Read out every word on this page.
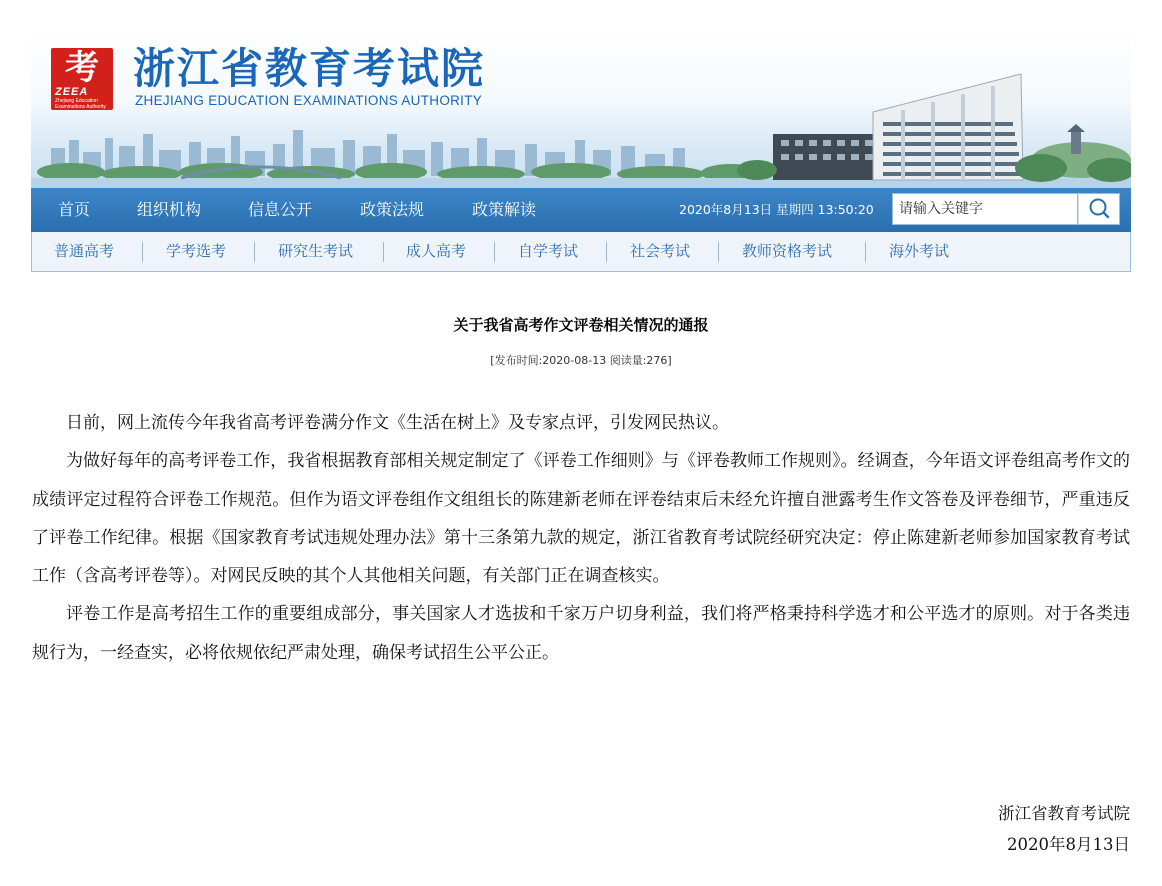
考
ZEEA
Zhejiang Education Examinations Authority
浙江省教育考试院
ZHEJIANG EDUCATION EXAMINATIONS AUTHORITY
首页	组织机构	信息公开	政策法规	政策解读	2020年8月13日 星期四 13:50:20
请输入关键字
普通高考	学考选考	研究生考试	成人高考	自学考试	社会考试	教师资格考试	海外考试
关于我省高考作文评卷相关情况的通报
[发布时间:2020-08-13 阅读量:276]

日前，网上流传今年我省高考评卷满分作文《生活在树上》及专家点评，引发网民热议。

为做好每年的高考评卷工作，我省根据教育部相关规定制定了《评卷工作细则》与《评卷教师工作规则》。经调查，今年语文评卷组高考作文的成绩评定过程符合评卷工作规范。但作为语文评卷组作文组组长的陈建新老师在评卷结束后未经允许擅自泄露考生作文答卷及评卷细节，严重违反了评卷工作纪律。根据《国家教育考试违规处理办法》第十三条第九款的规定，浙江省教育考试院经研究决定：停止陈建新老师参加国家教育考试工作（含高考评卷等）。对网民反映的其个人其他相关问题，有关部门正在调查核实。

评卷工作是高考招生工作的重要组成部分，事关国家人才选拔和千家万户切身利益，我们将严格秉持科学选才和公平选才的原则。对于各类违规行为，一经查实，必将依规依纪严肃处理，确保考试招生公平公正。

浙江省教育考试院
2020年8月13日
